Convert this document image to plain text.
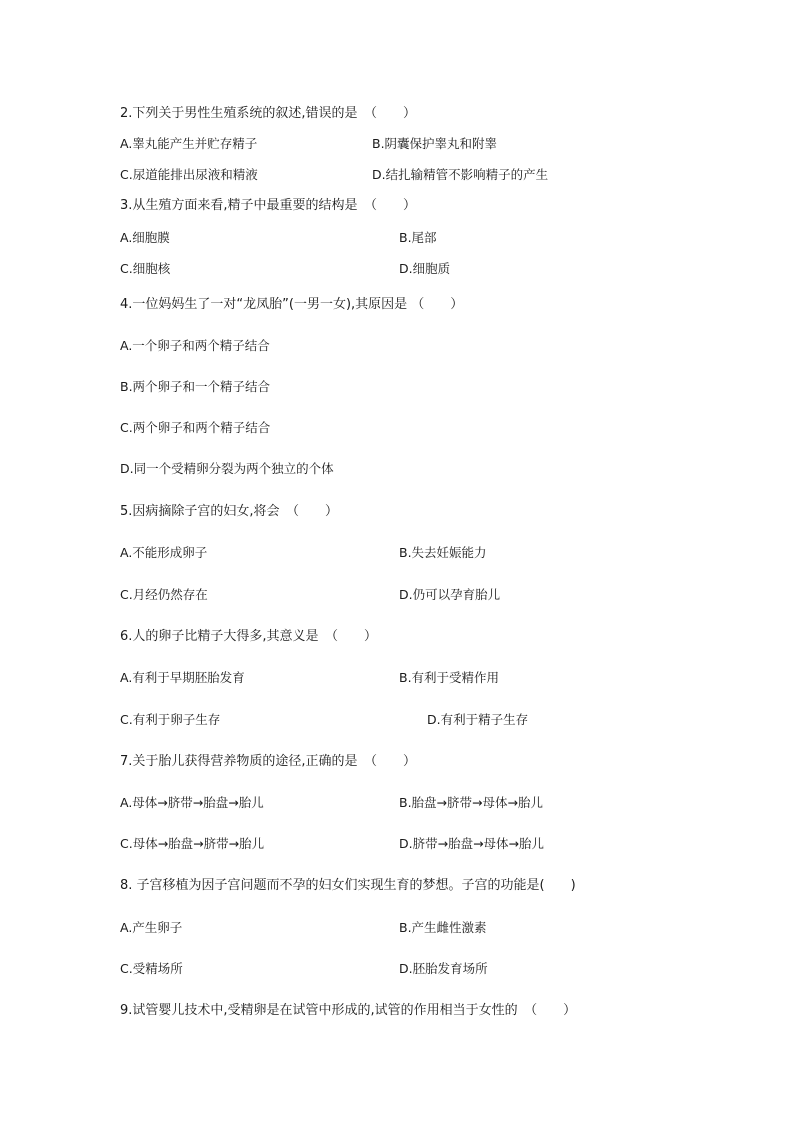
2.下列关于男性生殖系统的叙述,错误的是　（　　）
A.睾丸能产生并贮存精子	B.阴囊保护睾丸和附睾
C.尿道能排出尿液和精液	D.结扎输精管不影响精子的产生
3.从生殖方面来看,精子中最重要的结构是　（　　）
A.细胞膜	B.尾部
C.细胞核	D.细胞质
4.一位妈妈生了一对“龙凤胎”(一男一女),其原因是 （　　）
A.一个卵子和两个精子结合
B.两个卵子和一个精子结合
C.两个卵子和两个精子结合
D.同一个受精卵分裂为两个独立的个体
5.因病摘除子宫的妇女,将会　（　　）
A.不能形成卵子	B.失去妊娠能力
C.月经仍然存在	D.仍可以孕育胎儿
6.人的卵子比精子大得多,其意义是　（　　）
A.有利于早期胚胎发育	B.有利于受精作用
C.有利于卵子生存	D.有利于精子生存
7.关于胎儿获得营养物质的途径,正确的是　（　　）
A.母体→脐带→胎盘→胎儿	B.胎盘→脐带→母体→胎儿
C.母体→胎盘→脐带→胎儿	D.脐带→胎盘→母体→胎儿
8. 子宫移植为因子宫问题而不孕的妇女们实现生育的梦想。子宫的功能是(　　)
A.产生卵子	B.产生雌性激素
C.受精场所	D.胚胎发育场所
9.试管婴儿技术中,受精卵是在试管中形成的,试管的作用相当于女性的　（　　）
